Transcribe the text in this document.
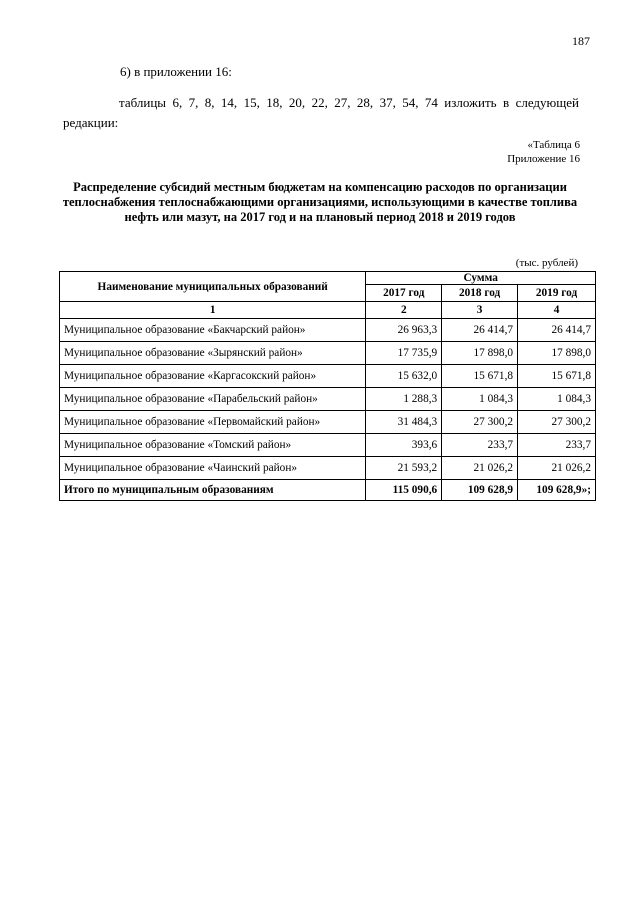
187
6) в приложении 16:
таблицы 6, 7, 8, 14, 15, 18, 20, 22, 27, 28, 37, 54, 74 изложить в следующей редакции:
«Таблица 6
Приложение 16
Распределение субсидий местным бюджетам на компенсацию расходов по организации теплоснабжения теплоснабжающими организациями, использующими в качестве топлива нефть или мазут, на 2017 год и на плановый период 2018 и 2019 годов
(тыс. рублей)
Наименование муниципальных образований	Сумма		
	2017 год	2018 год	2019 год
1	2	3	4
Муниципальное образование «Бакчарский район»	26 963,3	26 414,7	26 414,7
Муниципальное образование «Зырянский район»	17 735,9	17 898,0	17 898,0
Муниципальное образование «Каргасокский район»	15 632,0	15 671,8	15 671,8
Муниципальное образование «Парабельский район»	1 288,3	1 084,3	1 084,3
Муниципальное образование «Первомайский район»	31 484,3	27 300,2	27 300,2
Муниципальное образование «Томский район»	393,6	233,7	233,7
Муниципальное образование «Чаинский район»	21 593,2	21 026,2	21 026,2
Итого по муниципальным образованиям	115 090,6	109 628,9	109 628,9»;
